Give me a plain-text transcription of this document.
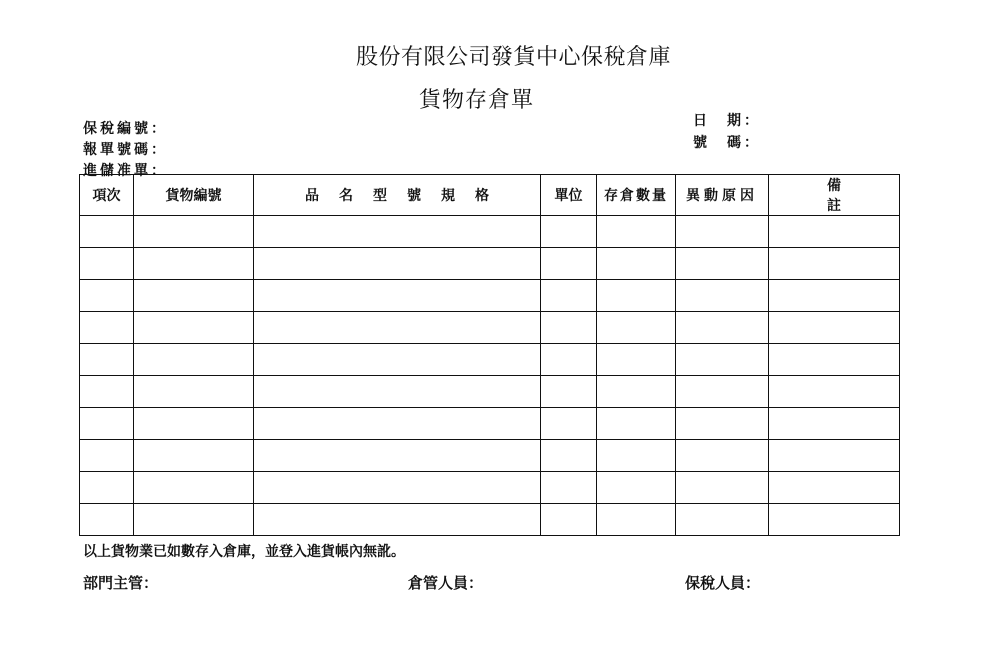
股份有限公司發貨中心保稅倉庫
貨物存倉單
保稅編號：
報單號碼：
進儲准單：
日　期：
號　碼：
項次	貨物編號	品名型號規格	單位	存倉數量	異動原因	備註

以上貨物業已如數存入倉庫，並登入進貨帳內無訛。
部門主管：	倉管人員：	保稅人員：
